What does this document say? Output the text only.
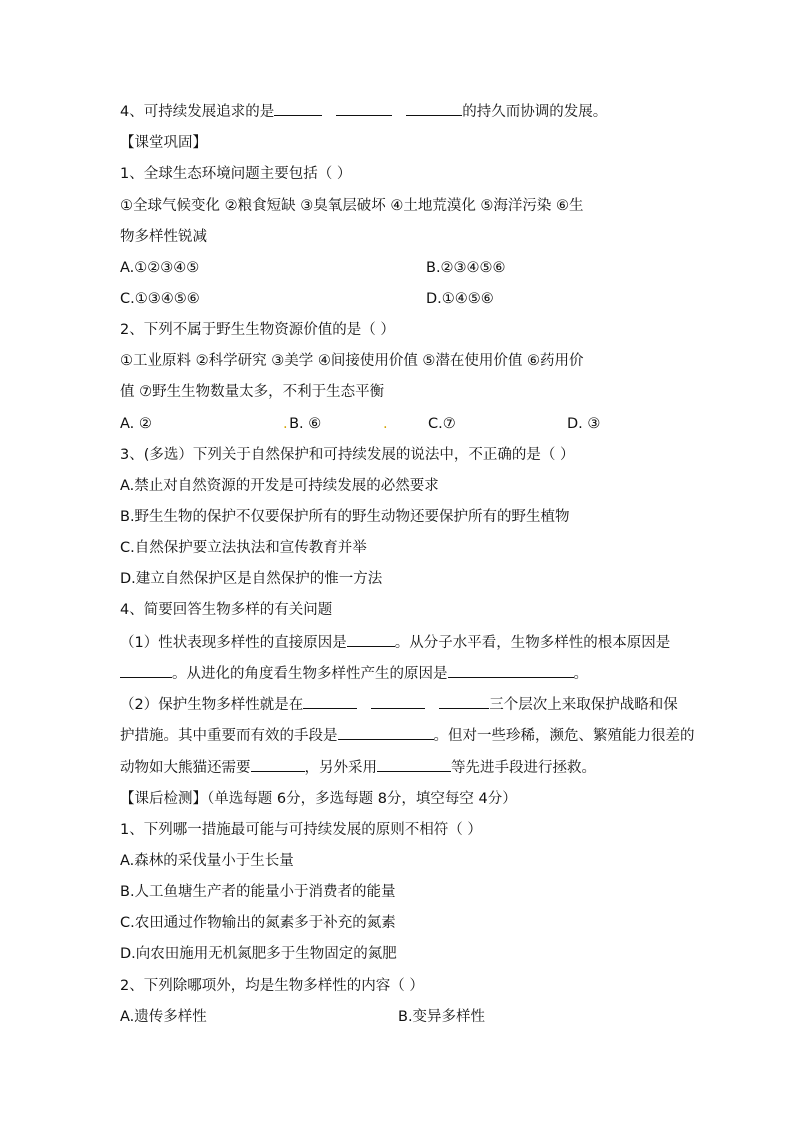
4、可持续发展追求的是	的持久而协调的发展。
【课堂巩固】
1、全球生态环境问题主要包括（ ）
①全球气候变化 ②粮食短缺 ③臭氧层破坏 ④土地荒漠化 ⑤海洋污染 ⑥生
物多样性锐减
A.①②③④⑤	B.②③④⑤⑥
C.①③④⑤⑥	D.①④⑤⑥
2、下列不属于野生生物资源价值的是（ ）
①工业原料 ②科学研究 ③美学 ④间接使用价值 ⑤潜在使用价值 ⑥药用价
值 ⑦野生生物数量太多，不利于生态平衡
A. ②	. B. ⑥	.	C.⑦	D. ③
3、(多选）下列关于自然保护和可持续发展的说法中，不正确的是（ ）
A.禁止对自然资源的开发是可持续发展的必然要求
B.野生生物的保护不仅要保护所有的野生动物还要保护所有的野生植物
C.自然保护要立法执法和宣传教育并举
D.建立自然保护区是自然保护的惟一方法
4、简要回答生物多样的有关问题
（1）性状表现多样性的直接原因是	。从分子水平看，生物多样性的根本原因是
。从进化的角度看生物多样性产生的原因是	。
（2）保护生物多样性就是在	三个层次上来取保护战略和保
护措施。其中重要而有效的手段是	。但对一些珍稀，濒危、繁殖能力很差的
动物如大熊猫还需要	，另外采用	等先进手段进行拯救。
【课后检测】（单选每题 6分，多选每题 8分，填空每空 4分）
1、下列哪一措施最可能与可持续发展的原则不相符（ ）
A.森林的采伐量小于生长量
B.人工鱼塘生产者的能量小于消费者的能量
C.农田通过作物输出的氮素多于补充的氮素
D.向农田施用无机氮肥多于生物固定的氮肥
2、下列除哪项外，均是生物多样性的内容（ ）
A.遗传多样性	B.变异多样性
